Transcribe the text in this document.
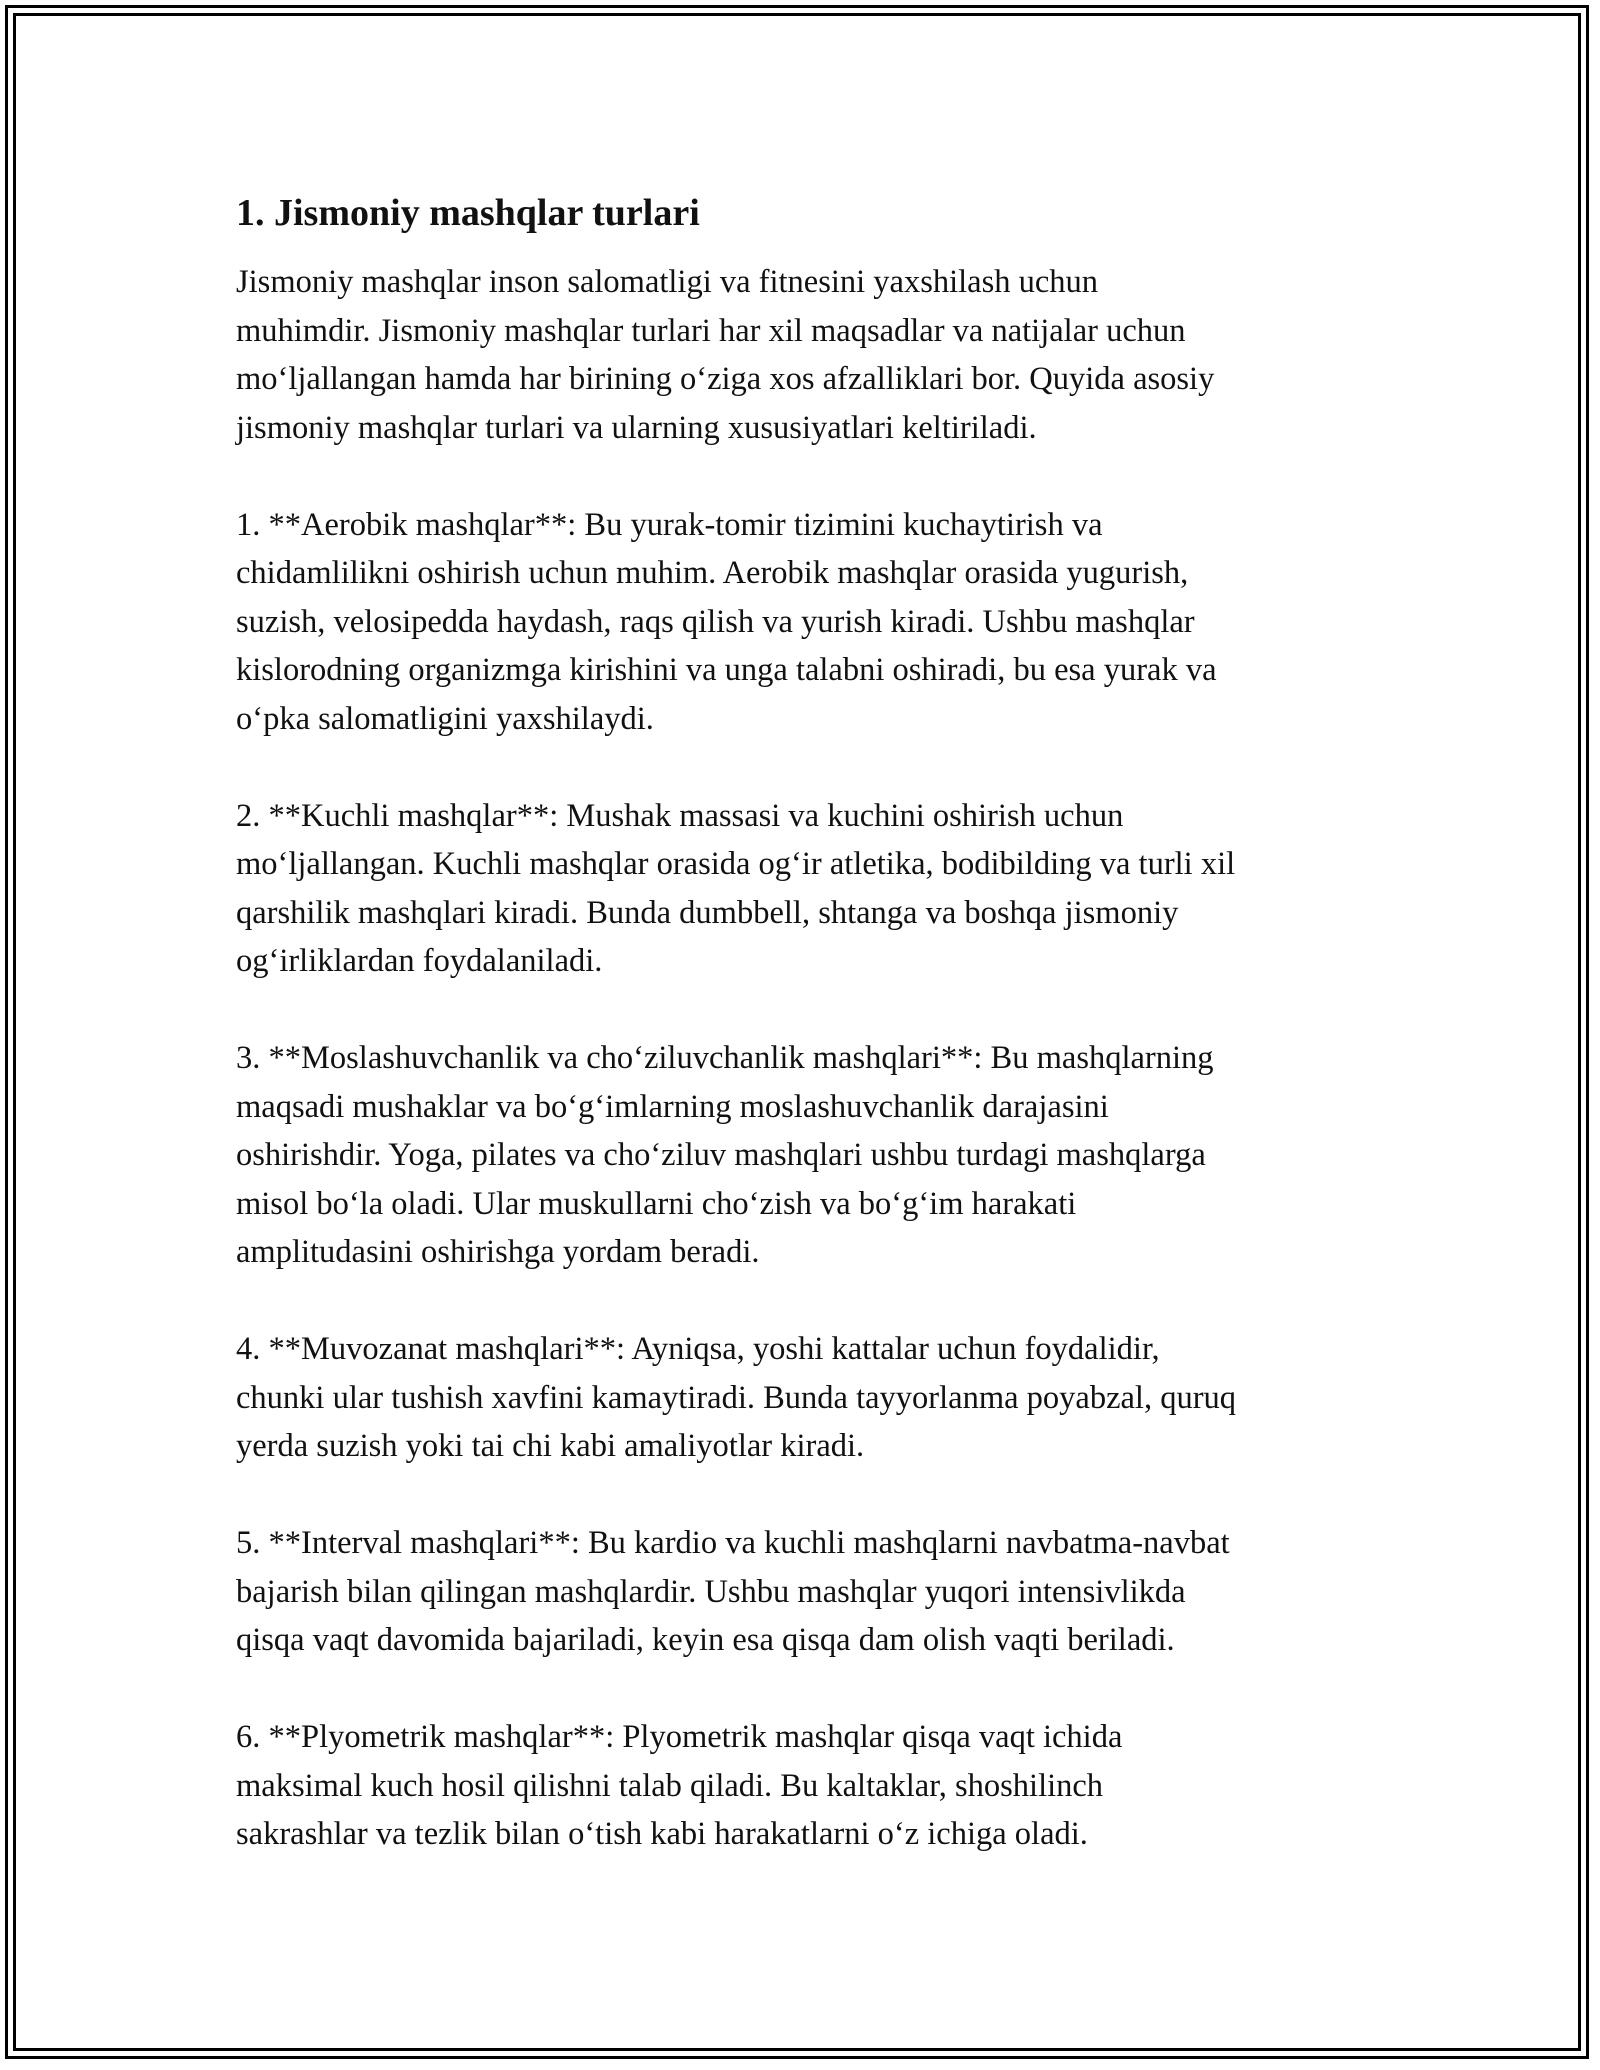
1. Jismoniy mashqlar turlari
Jismoniy mashqlar inson salomatligi va fitnesini yaxshilash uchun
muhimdir. Jismoniy mashqlar turlari har xil maqsadlar va natijalar uchun
mo‘ljallangan hamda har birining o‘ziga xos afzalliklari bor. Quyida asosiy
jismoniy mashqlar turlari va ularning xususiyatlari keltiriladi.
1. **Aerobik mashqlar**: Bu yurak-tomir tizimini kuchaytirish va
chidamlilikni oshirish uchun muhim. Aerobik mashqlar orasida yugurish,
suzish, velosipedda haydash, raqs qilish va yurish kiradi. Ushbu mashqlar
kislorodning organizmga kirishini va unga talabni oshiradi, bu esa yurak va
o‘pka salomatligini yaxshilaydi.
2. **Kuchli mashqlar**: Mushak massasi va kuchini oshirish uchun
mo‘ljallangan. Kuchli mashqlar orasida og‘ir atletika, bodibilding va turli xil
qarshilik mashqlari kiradi. Bunda dumbbell, shtanga va boshqa jismoniy
og‘irliklardan foydalaniladi.
3. **Moslashuvchanlik va cho‘ziluvchanlik mashqlari**: Bu mashqlarning
maqsadi mushaklar va bo‘g‘imlarning moslashuvchanlik darajasini
oshirishdir. Yoga, pilates va cho‘ziluv mashqlari ushbu turdagi mashqlarga
misol bo‘la oladi. Ular muskullarni cho‘zish va bo‘g‘im harakati
amplitudasini oshirishga yordam beradi.
4. **Muvozanat mashqlari**: Ayniqsa, yoshi kattalar uchun foydalidir,
chunki ular tushish xavfini kamaytiradi. Bunda tayyorlanma poyabzal, quruq
yerda suzish yoki tai chi kabi amaliyotlar kiradi.
5. **Interval mashqlari**: Bu kardio va kuchli mashqlarni navbatma-navbat
bajarish bilan qilingan mashqlardir. Ushbu mashqlar yuqori intensivlikda
qisqa vaqt davomida bajariladi, keyin esa qisqa dam olish vaqti beriladi.
6. **Plyometrik mashqlar**: Plyometrik mashqlar qisqa vaqt ichida
maksimal kuch hosil qilishni talab qiladi. Bu kaltaklar, shoshilinch
sakrashlar va tezlik bilan o‘tish kabi harakatlarni o‘z ichiga oladi.
